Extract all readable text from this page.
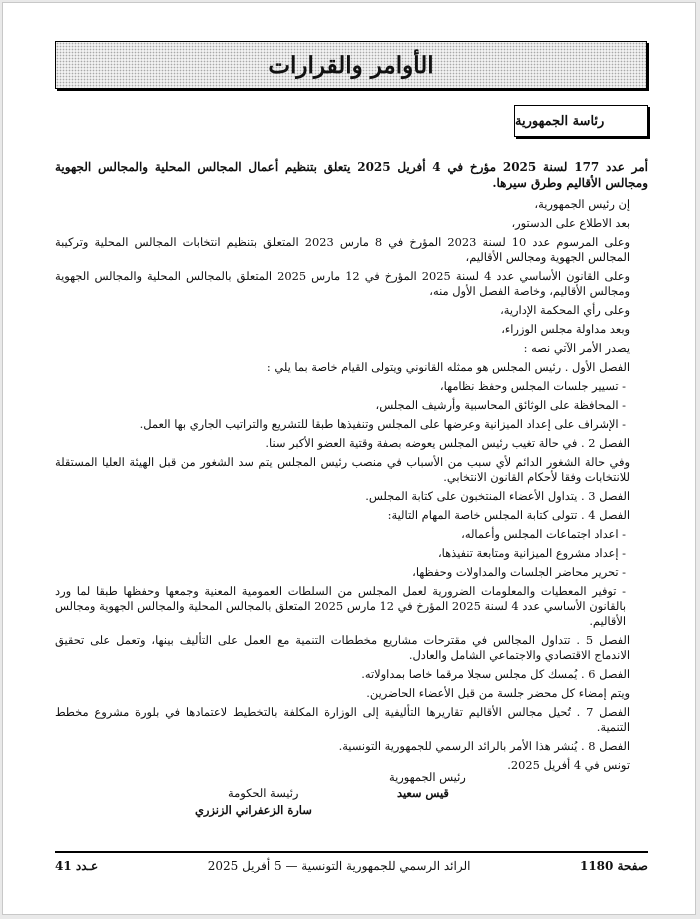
الأوامر والقرارات
رئاسة الجمهورية

أمر عدد 177 لسنة 2025 مؤرخ في 4 أفريل 2025 يتعلق بتنظيم أعمال المجالس المحلية والمجالس الجهوية ومجالس الأقاليم وطرق سيرها.

إن رئيس الجمهورية،

بعد الاطلاع على الدستور،

وعلى المرسوم عدد 10 لسنة 2023 المؤرخ في 8 مارس 2023 المتعلق بتنظيم انتخابات المجالس المحلية وتركيبة المجالس الجهوية ومجالس الأقاليم،

وعلى القانون الأساسي عدد 4 لسنة 2025 المؤرخ في 12 مارس 2025 المتعلق بالمجالس المحلية والمجالس الجهوية ومجالس الأقاليم، وخاصة الفصل الأول منه،

وعلى رأي المحكمة الإدارية،

وبعد مداولة مجلس الوزراء،

يصدر الأمر الآتي نصه :

الفصل الأول . رئيس المجلس هو ممثله القانوني ويتولى القيام خاصة بما يلي :

- تسيير جلسات المجلس وحفظ نظامها،

- المحافظة على الوثائق المحاسبية وأرشيف المجلس،

- الإشراف على إعداد الميزانية وعرضها على المجلس وتنفيذها طبقا للتشريع والتراتيب الجاري بها العمل.

الفصل 2 . في حالة تغيب رئيس المجلس يعوضه بصفة وقتية العضو الأكبر سنا.

وفي حالة الشغور الدائم لأي سبب من الأسباب في منصب رئيس المجلس يتم سد الشغور من قبل الهيئة العليا المستقلة للانتخابات وفقا لأحكام القانون الانتخابي.

الفصل 3 . يتداول الأعضاء المنتخبون على كتابة المجلس.

الفصل 4 . تتولى كتابة المجلس خاصة المهام التالية:

- اعداد اجتماعات المجلس وأعماله،

- إعداد مشروع الميزانية ومتابعة تنفيذها،

- تحرير محاضر الجلسات والمداولات وحفظها،

- توفير المعطيات والمعلومات الضرورية لعمل المجلس من السلطات العمومية المعنية وجمعها وحفظها طبقا لما ورد بالقانون الأساسي عدد 4 لسنة 2025 المؤرخ في 12 مارس 2025 المتعلق بالمجالس المحلية والمجالس الجهوية ومجالس الأقاليم.

الفصل 5 . تتداول المجالس في مقترحات مشاريع مخططات التنمية مع العمل على التأليف بينها، وتعمل على تحقيق الاندماج الاقتصادي والاجتماعي الشامل والعادل.

الفصل 6 . يُمسك كل مجلس سجلا مرقما خاصا بمداولاته.

ويتم إمضاء كل محضر جلسة من قبل الأعضاء الحاضرين.

الفصل 7 . تُحيل مجالس الأقاليم تقاريرها التأليفية إلى الوزارة المكلفة بالتخطيط لاعتمادها في بلورة مشروع مخطط التنمية.

الفصل 8 . يُنشر هذا الأمر بالرائد الرسمي للجمهورية التونسية.

تونس في 4 أفريل 2025.

رئيس الجمهورية
قيس سعيد
رئيسة الحكومة
سارة الزعفراني الزنزري
صفحة 1180
الرائد الرسمي للجمهورية التونسية — 5 أفريل 2025
عـدد 41
